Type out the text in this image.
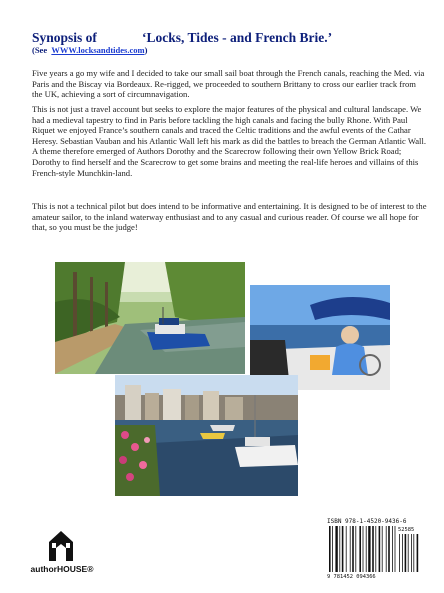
Synopsis of	‘Locks, Tides - and French Brie.’
(See WWW.locksandtides.com)
Five years a go my wife and I decided to take our small sail boat through the French canals, reaching the Med. via Paris and the Biscay via Bordeaux. Re-rigged, we proceeded to southern Brittany to cross our earlier track from the UK, achieving a sort of circumnavigation.
This is not just a travel account but seeks to explore the major features of the physical and cultural landscape. We had a medieval tapestry to find in Paris before tackling the high canals and facing the bully Rhone. With Paul Riquet we enjoyed France’s southern canals and traced the Celtic traditions and the awful events of the Cathar Heresy. Sebastian Vauban and his Atlantic Wall left his mark as did the battles to breach the German Atlantic Wall. A theme therefore emerged of Authors Dorothy and the Scarecrow following their own Yellow Brick Road; Dorothy to find herself and the Scarecrow to get some brains and meeting the real-life heroes and villains of this French-style Munchkin-land.
This is not a technical pilot but does intend to be informative and entertaining. It is designed to be of interest to the amateur sailor, to the inland waterway enthusiast and to any casual and curious reader. Of course we all hope for that, so you must be the judge!
authorHOUSE®
ISBN 978-1-4520-9436-6
9 781452 094366
52585
